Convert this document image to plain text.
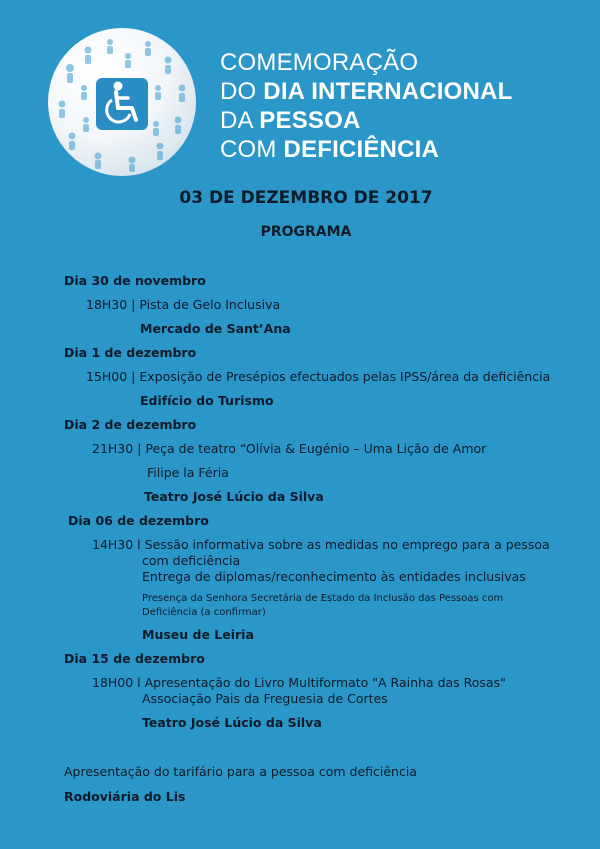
COMEMORAÇÃO
DO DIA INTERNACIONAL
DA PESSOA
COM DEFICIÊNCIA
03 DE DEZEMBRO DE 2017
PROGRAMA
Dia 30 de novembro
18H30 | Pista de Gelo Inclusiva
Mercado de Sant’Ana
Dia 1 de dezembro
15H00 | Exposição de Presépios efectuados pelas IPSS/área da deficiência
Edifício do Turismo
Dia 2 de dezembro
21H30 | Peça de teatro “Olívia & Eugénio – Uma Lição de Amor
Filipe la Féria
Teatro José Lúcio da Silva
Dia 06 de dezembro
14H30 l Sessão informativa sobre as medidas no emprego para a pessoa
com deficiência
Entrega de diplomas/reconhecimento às entidades inclusivas
Presença da Senhora Secretária de Estado da Inclusão das Pessoas com
Deficiência (a confirmar)
Museu de Leiria
Dia 15 de dezembro
18H00 l Apresentação do Livro Multiformato "A Rainha das Rosas"
Associação Pais da Freguesia de Cortes
Teatro José Lúcio da Silva
Apresentação do tarifário para a pessoa com deficiência
Rodoviária do Lis
